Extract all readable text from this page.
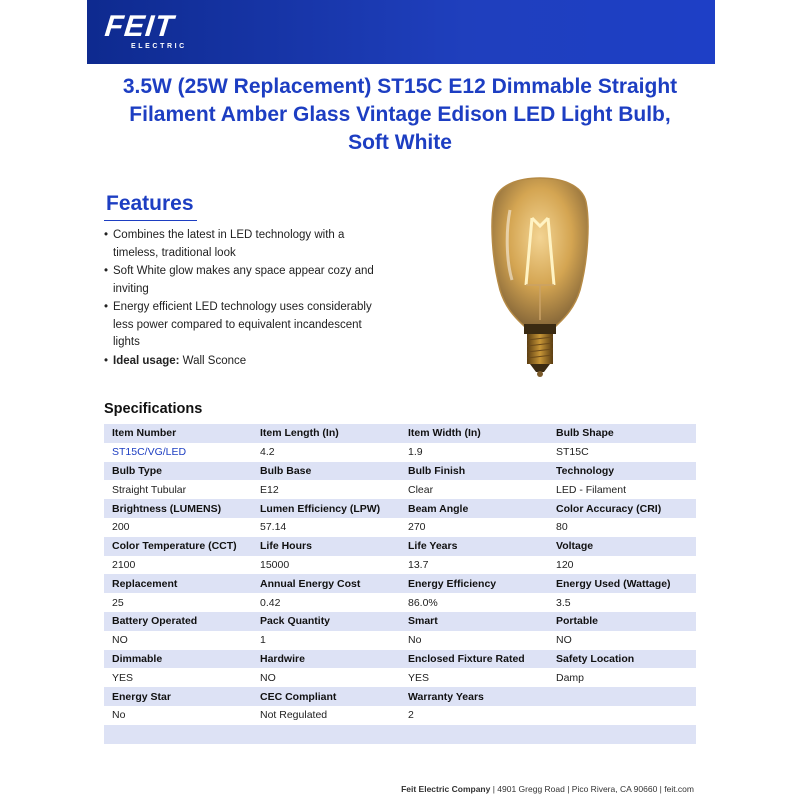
FEIT
ELECTRIC
3.5W (25W Replacement) ST15C E12 Dimmable Straight
Filament Amber Glass Vintage Edison LED Light Bulb,
Soft White
Features
• Combines the latest in LED technology with a timeless, traditional look
• Soft White glow makes any space appear cozy and inviting
• Energy efficient LED technology uses considerably less power compared to equivalent incandescent lights
• Ideal usage: Wall Sconce
Specifications
Item Number	Item Length (In)	Item Width (In)	Bulb Shape
ST15C/VG/LED	4.2	1.9	ST15C
Bulb Type	Bulb Base	Bulb Finish	Technology
Straight Tubular	E12	Clear	LED - Filament
Brightness (LUMENS)	Lumen Efficiency (LPW)	Beam Angle	Color Accuracy (CRI)
200	57.14	270	80
Color Temperature (CCT)	Life Hours	Life Years	Voltage
2100	15000	13.7	120
Replacement	Annual Energy Cost	Energy Efficiency	Energy Used (Wattage)
25	0.42	86.0%	3.5
Battery Operated	Pack Quantity	Smart	Portable
NO	1	No	NO
Dimmable	Hardwire	Enclosed Fixture Rated	Safety Location
YES	NO	YES	Damp
Energy Star	CEC Compliant	Warranty Years	
No	Not Regulated	2	

Feit Electric Company | 4901 Gregg Road | Pico Rivera, CA 90660 | feit.com
